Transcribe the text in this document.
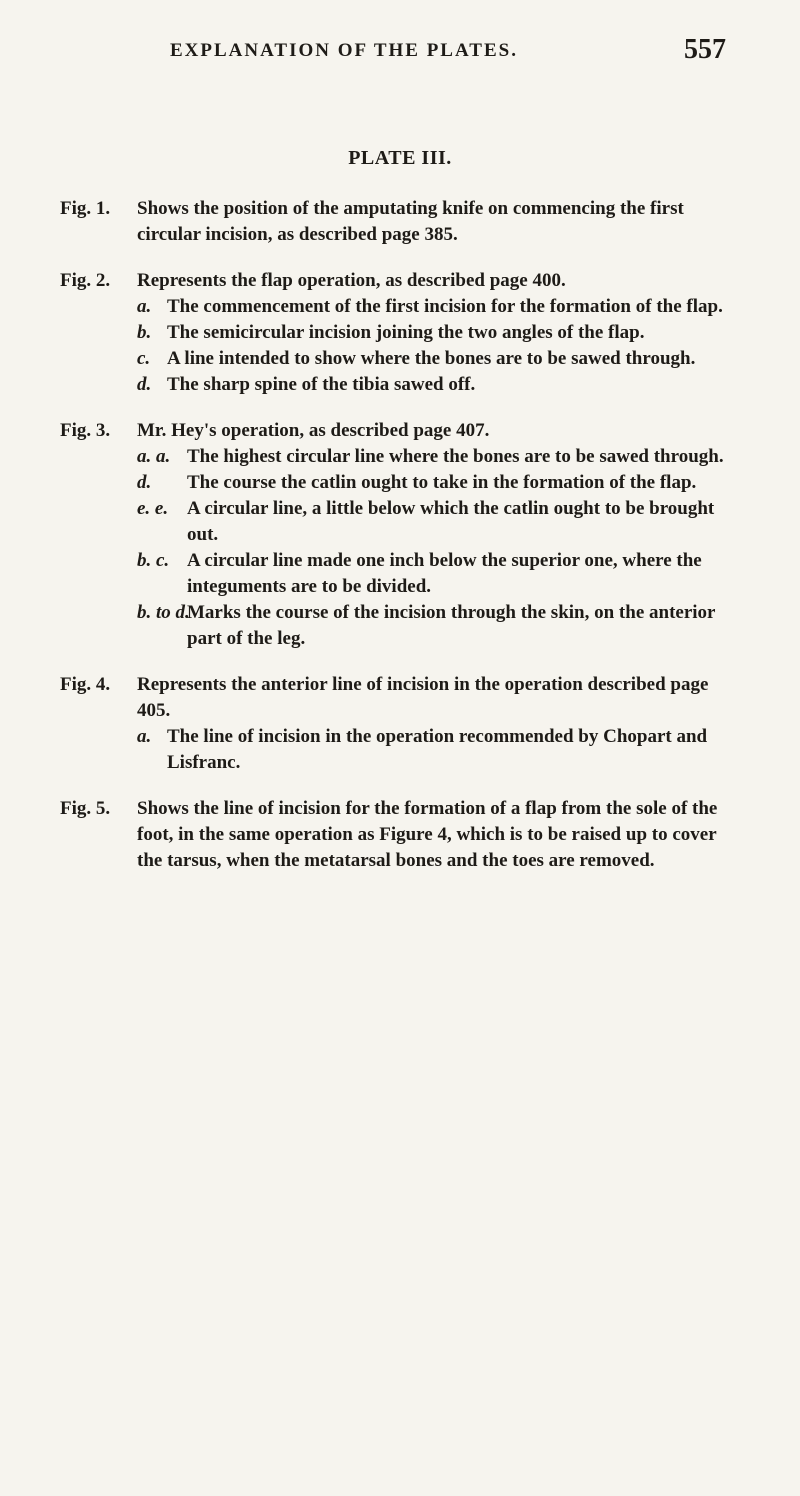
EXPLANATION OF THE PLATES.	557
PLATE III.
Fig. 1. Shows the position of the amputating knife on commencing the first circular incision, as described page 385.
Fig. 2. Represents the flap operation, as described page 400.
a. The commencement of the first incision for the formation of the flap.
b. The semicircular incision joining the two angles of the flap.
c. A line intended to show where the bones are to be sawed through.
d. The sharp spine of the tibia sawed off.
Fig. 3. Mr. Hey's operation, as described page 407.
a. a. The highest circular line where the bones are to be sawed through.
d. The course the catlin ought to take in the formation of the flap.
e. e. A circular line, a little below which the catlin ought to be brought out.
b. c. A circular line made one inch below the superior one, where the integuments are to be divided.
b. to d.
Marks the course of the incision through the skin, on the anterior part of the leg.
Fig. 4. Represents the anterior line of incision in the operation described page 405.
a. The line of incision in the operation recommended by Chopart and Lisfranc.
Fig. 5. Shows the line of incision for the formation of a flap from the sole of the foot, in the same operation as Figure 4, which is to be raised up to cover the tarsus, when the metatarsal bones and the toes are removed.
